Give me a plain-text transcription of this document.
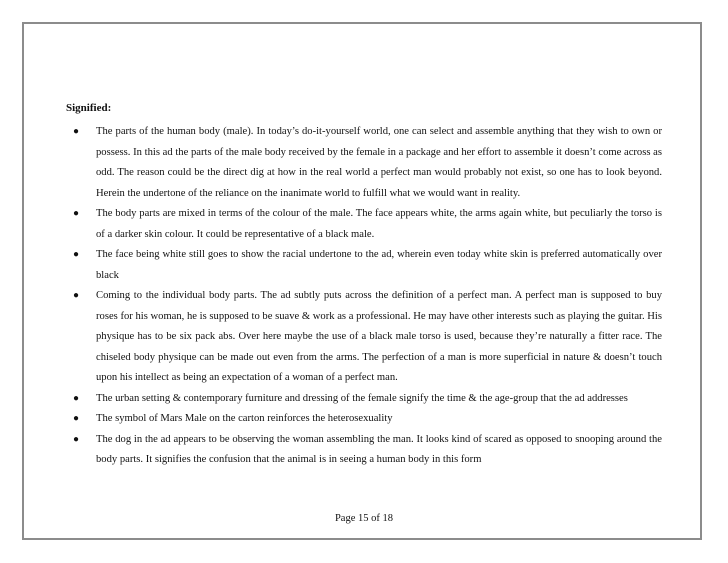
Signified:

● The parts of the human body (male). In today’s do-it-yourself world, one can select and assemble anything that they wish to own or possess. In this ad the parts of the male body received by the female in a package and her effort to assemble it doesn’t come across as odd. The reason could be the direct dig at how in the real world a perfect man would probably not exist, so one has to look beyond. Herein the undertone of the reliance on the inanimate world to fulfill what we would want in reality.
● The body parts are mixed in terms of the colour of the male. The face appears white, the arms again white, but peculiarly the torso is of a darker skin colour. It could be representative of a black male.
● The face being white still goes to show the racial undertone to the ad, wherein even today white skin is preferred automatically over black
● Coming to the individual body parts. The ad subtly puts across the definition of a perfect man. A perfect man is supposed to buy roses for his woman, he is supposed to be suave & work as a professional. He may have other interests such as playing the guitar. His physique has to be six pack abs. Over here maybe the use of a black male torso is used, because they’re naturally a fitter race. The chiseled body physique can be made out even from the arms. The perfection of a man is more superficial in nature & doesn’t touch upon his intellect as being an expectation of a woman of a perfect man.
● The urban setting & contemporary furniture and dressing of the female signify the time & the age-group that the ad addresses
● The symbol of Mars Male on the carton reinforces the heterosexuality
● The dog in the ad appears to be observing the woman assembling the man. It looks kind of scared as opposed to snooping around the body parts. It signifies the confusion that the animal is in seeing a human body in this form
Page 15 of 18
